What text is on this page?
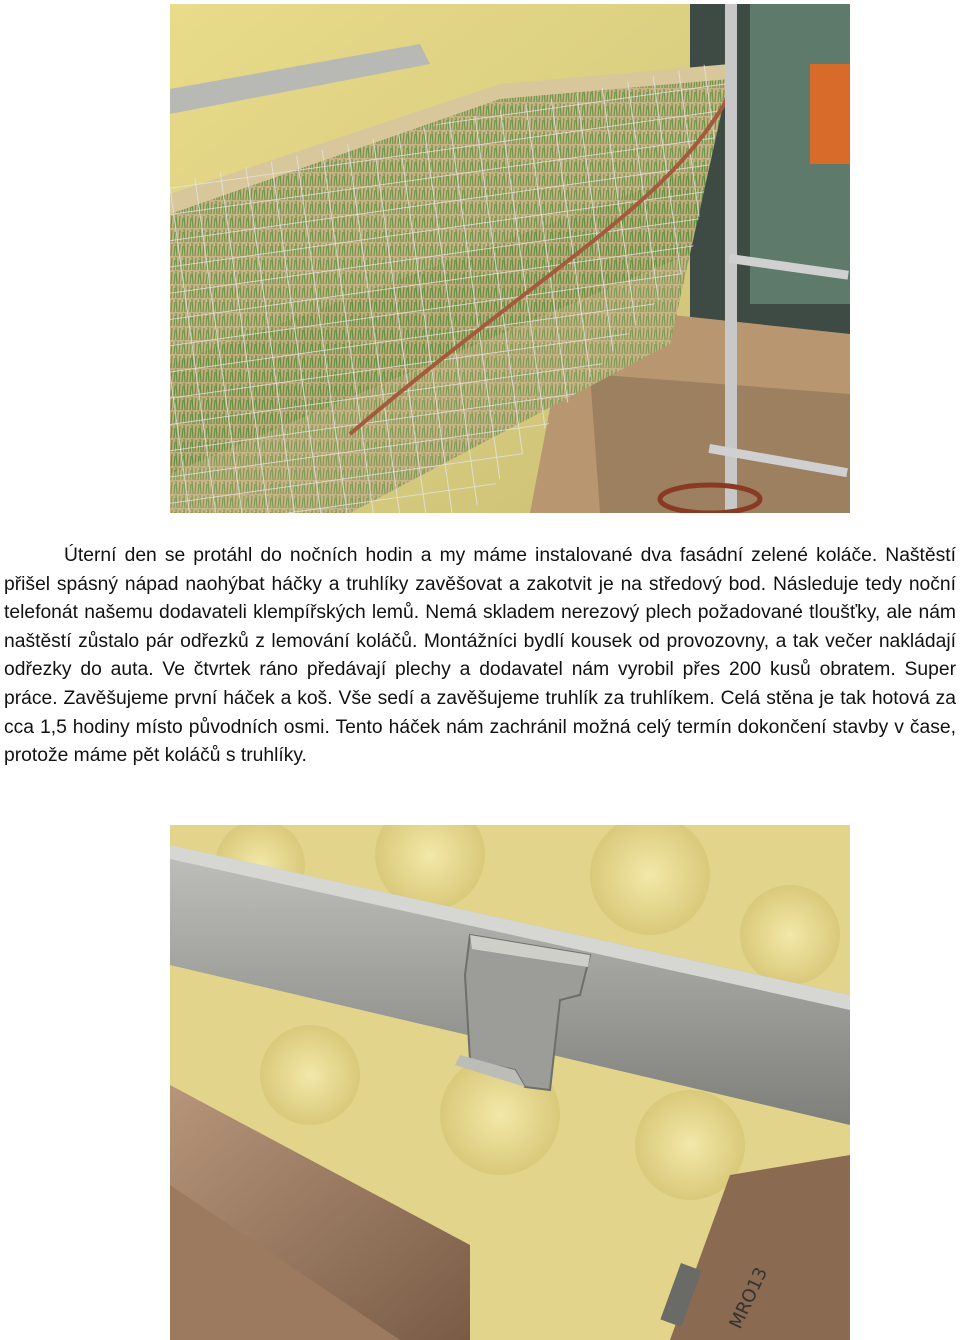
Úterní den se protáhl do nočních hodin a my máme instalované dva fasádní zelené koláče. Naštěstí přišel spásný nápad naohýbat háčky a truhlíky zavěšovat a zakotvit je na středový bod. Následuje tedy noční telefonát našemu dodavateli klempířských lemů. Nemá skladem nerezový plech požadované tloušťky, ale nám naštěstí zůstalo pár odřezků z lemování koláčů. Montážníci bydlí kousek od provozovny, a tak večer nakládají odřezky do auta. Ve čtvrtek ráno předávají plechy a dodavatel nám vyrobil přes 200 kusů obratem. Super práce. Zavěšujeme první háček a koš. Vše sedí a zavěšujeme truhlík za truhlíkem. Celá stěna je tak hotová za cca 1,5 hodiny místo původních osmi. Tento háček nám zachránil možná celý termín dokončení stavby v čase, protože máme pět koláčů s truhlíky.

MRO13
